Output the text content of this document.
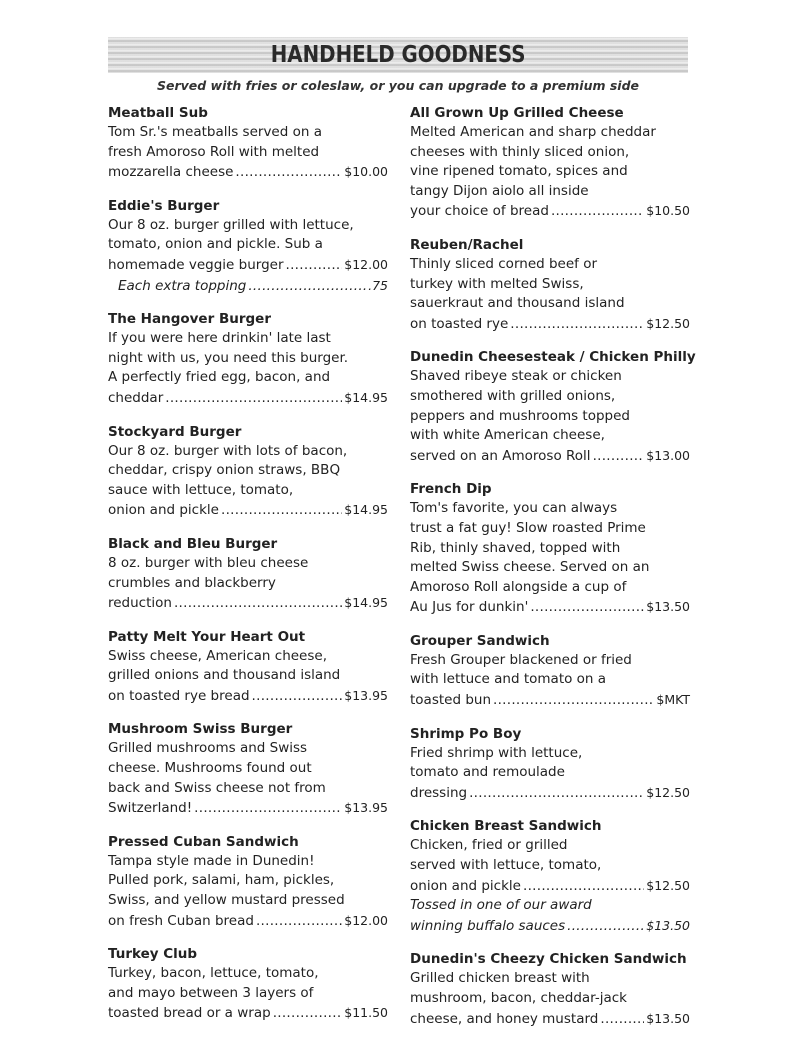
HANDHELD GOODNESS
Served with fries or coleslaw, or you can upgrade to a premium side
Meatball Sub
Tom Sr.'s meatballs served on a
fresh Amoroso Roll with melted
mozzarella cheese . . .	$10.00
Eddie's Burger
Our 8 oz. burger grilled with lettuce,
tomato, onion and pickle. Sub a
homemade veggie burger . . .	$12.00
Each extra topping . . .	.75
The Hangover Burger
If you were here drinkin' late last
night with us, you need this burger.
A perfectly fried egg, bacon, and
cheddar . . .	$14.95
Stockyard Burger
Our 8 oz. burger with lots of bacon,
cheddar, crispy onion straws, BBQ
sauce with lettuce, tomato,
onion and pickle . . .	$14.95
Black and Bleu Burger
8 oz. burger with bleu cheese
crumbles and blackberry
reduction . . .	$14.95
Patty Melt Your Heart Out
Swiss cheese, American cheese,
grilled onions and thousand island
on toasted rye bread . . .	$13.95
Mushroom Swiss Burger
Grilled mushrooms and Swiss
cheese. Mushrooms found out
back and Swiss cheese not from
Switzerland! . . .	$13.95
Pressed Cuban Sandwich
Tampa style made in Dunedin!
Pulled pork, salami, ham, pickles,
Swiss, and yellow mustard pressed
on fresh Cuban bread . . .	$12.00
Turkey Club
Turkey, bacon, lettuce, tomato,
and mayo between 3 layers of
toasted bread or a wrap . . .	$11.50
All Grown Up Grilled Cheese
Melted American and sharp cheddar
cheeses with thinly sliced onion,
vine ripened tomato, spices and
tangy Dijon aiolo all inside
your choice of bread . . .	$10.50
Reuben/Rachel
Thinly sliced corned beef or
turkey with melted Swiss,
sauerkraut and thousand island
on toasted rye . . .	$12.50
Dunedin Cheesesteak / Chicken Philly
Shaved ribeye steak or chicken
smothered with grilled onions,
peppers and mushrooms topped
with white American cheese,
served on an Amoroso Roll . . .	$13.00
French Dip
Tom's favorite, you can always
trust a fat guy! Slow roasted Prime
Rib, thinly shaved, topped with
melted Swiss cheese. Served on an
Amoroso Roll alongside a cup of
Au Jus for dunkin' . . .	$13.50
Grouper Sandwich
Fresh Grouper blackened or fried
with lettuce and tomato on a
toasted bun . . .	$MKT
Shrimp Po Boy
Fried shrimp with lettuce,
tomato and remoulade
dressing . . .	$12.50
Chicken Breast Sandwich
Chicken, fried or grilled
served with lettuce, tomato,
onion and pickle . . .	$12.50
Tossed in one of our award
winning buffalo sauces . . .	$13.50
Dunedin's Cheezy Chicken Sandwich
Grilled chicken breast with
mushroom, bacon, cheddar-jack
cheese, and honey mustard . . .	$13.50
